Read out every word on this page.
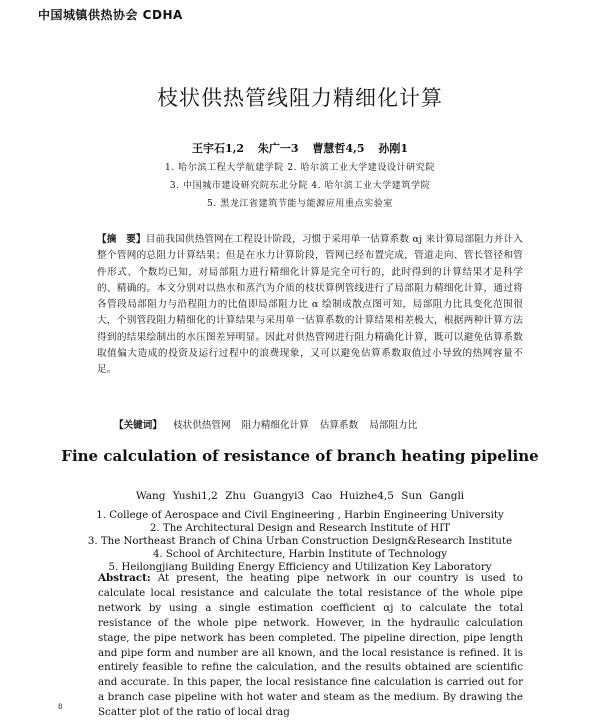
中国城镇供热协会 CDHA
枝状供热管线阻力精细化计算
王宇石1,2 朱广一3 曹慧哲4,5 孙刚1
1. 哈尔滨工程大学航建学院 2. 哈尔滨工业大学建设设计研究院
3. 中国城市建设研究院东北分院 4. 哈尔滨工业大学建筑学院
5. 黑龙江省建筑节能与能源应用重点实验室
【摘　要】目前我国供热管网在工程设计阶段，习惯于采用单一估算系数 αj 来计算局部阻力并计入整个管网的总阻力计算结果；但是在水力计算阶段，管网已经布置完成，管道走向、管长管径和管件形式、个数均已知，对局部阻力进行精细化计算是完全可行的，此时得到的计算结果才是科学的、精确的。本文分别对以热水和蒸汽为介质的枝状算例管线进行了局部阻力精细化计算，通过将各管段局部阻力与沿程阻力的比值即局部阻力比 α 绘制成散点图可知，局部阻力比具变化范围很大，个别管段阻力精细化的计算结果与采用单一估算系数的计算结果相差极大，根据两种计算方法得到的结果绘制出的水压图差异明显。因此对供热管网进行阻力精确化计算，既可以避免估算系数取值偏大造成的投资及运行过程中的浪费现象，又可以避免估算系数取值过小导致的热网容量不足。
【关键词】 枝状供热管网 阻力精细化计算 估算系数 局部阻力比
Fine calculation of resistance of branch heating pipeline
Wang Yushi1,2 Zhu Guangyi3 Cao Huizhe4,5 Sun Gangli
1. College of Aerospace and Civil Engineering , Harbin Engineering University
2. The Architectural Design and Research Institute of HIT
3. The Northeast Branch of China Urban Construction Design&Research Institute
4. School of Architecture, Harbin Institute of Technology
5. Heilongjiang Building Energy Efficiency and Utilization Key Laboratory
Abstract: At present, the heating pipe network in our country is used to calculate local resistance and calculate the total resistance of the whole pipe network by using a single estimation coefficient αj to calculate the total resistance of the whole pipe network. However, in the hydraulic calculation stage, the pipe network has been completed. The pipeline direction, pipe length and pipe form and number are all known, and the local resistance is refined. It is entirely feasible to refine the calculation, and the results obtained are scientific and accurate. In this paper, the local resistance fine calculation is carried out for a branch case pipeline with hot water and steam as the medium. By drawing the Scatter plot of the ratio of local drag
8
